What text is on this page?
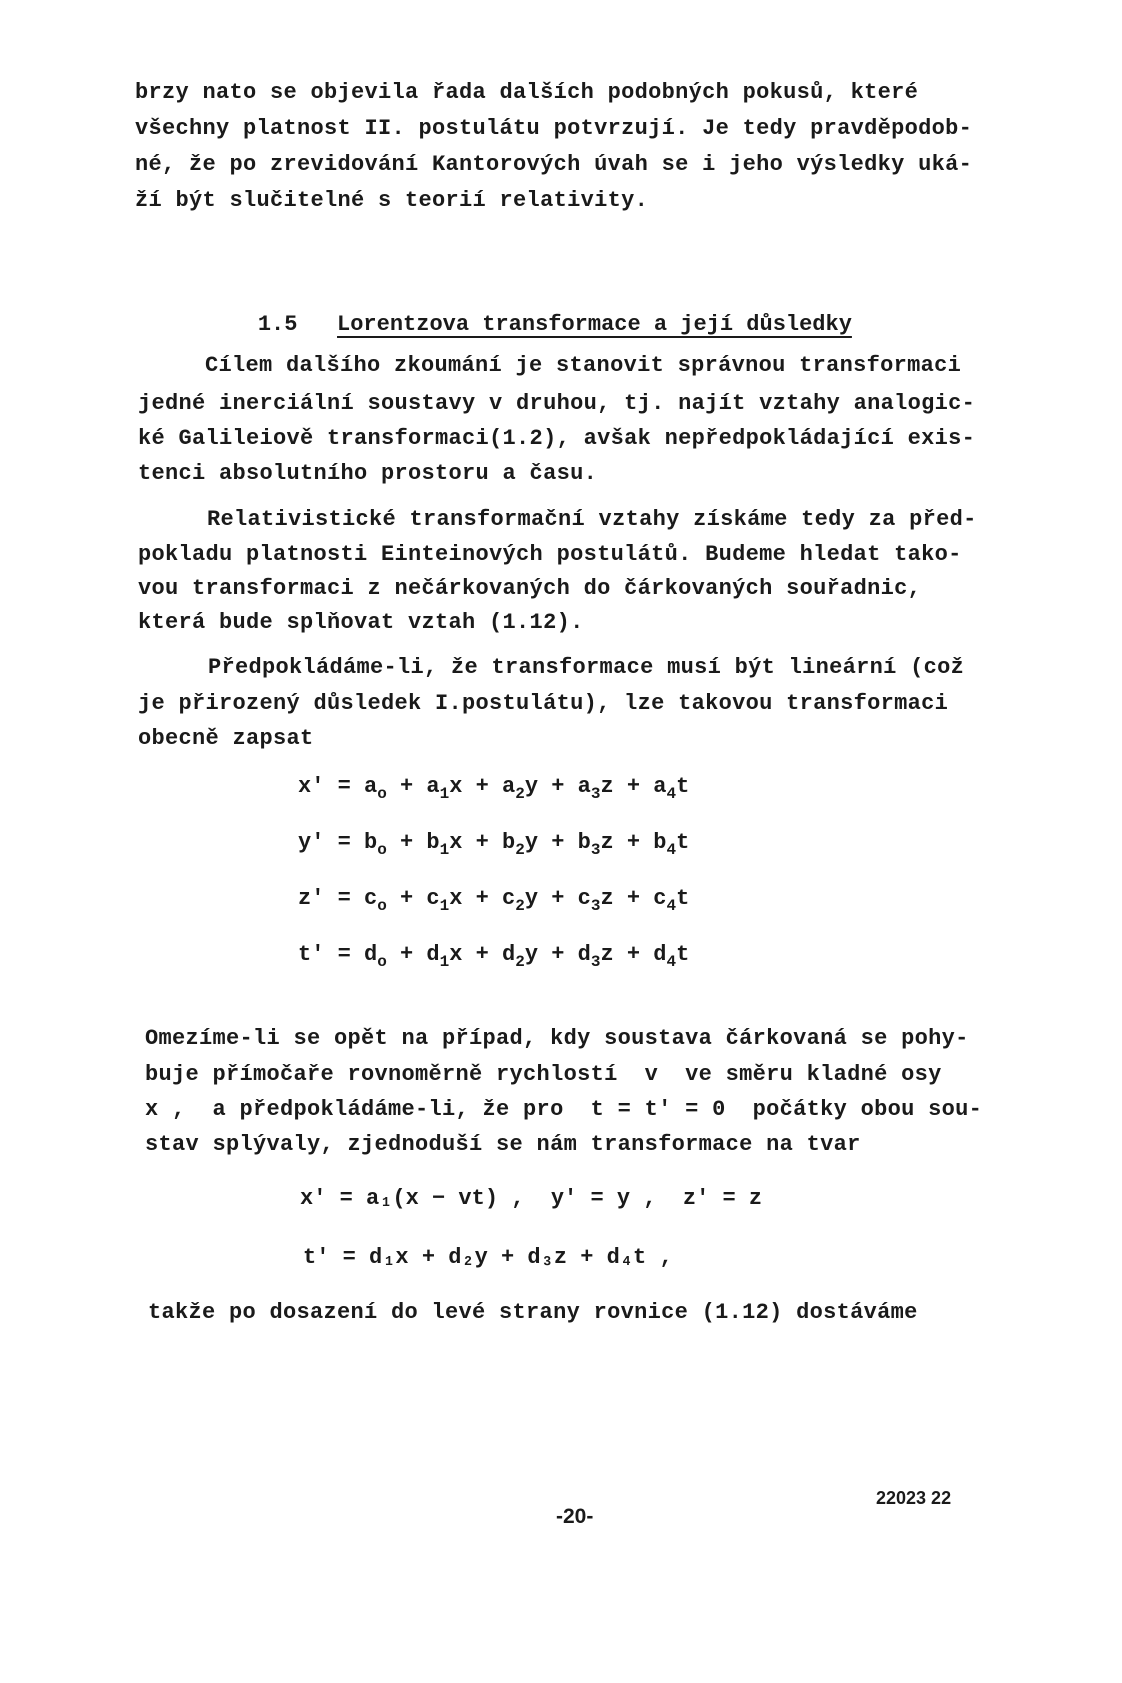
brzy nato se objevila řada dalších podobných pokusů, které
všechny platnost II. postulátu potvrzují. Je tedy pravděpodob-
né, že po zrevidování Kantorových úvah se i jeho výsledky uká-
ží být slučitelné s teorií relativity.

1.5 Lorentzova transformace a její důsledky

Cílem dalšího zkoumání je stanovit správnou transformaci
jedné inerciální soustavy v druhou, tj. najít vztahy analogic-
ké Galileiově transformaci(1.2), avšak nepředpokládající exis-
tenci absolutního prostoru a času.
Relativistické transformační vztahy získáme tedy za před-
pokladu platnosti Einteinových postulátů. Budeme hledat tako-
vou transformaci z nečárkovaných do čárkovaných souřadnic,
která bude splňovat vztah (1.12).
Předpokládáme-li, že transformace musí být lineární (což
je přirozený důsledek I.postulátu), lze takovou transformaci
obecně zapsat
$x' = a_o + a_1x + a_2y + a_3z + a_4t$
$y' = b_o + b_1x + b_2y + b_3z + b_4t$
$z' = c_o + c_1x + c_2y + c_3z + c_4t$
$t' = d_o + d_1x + d_2y + d_3z + d_4t$
Omezíme-li se opět na případ, kdy soustava čárkovaná se pohy-
buje přímočaře rovnoměrně rychlostí  v  ve směru kladné osy
x ,  a předpokládáme-li, že pro  t = t' = 0  počátky obou sou-
stav splývaly, zjednoduší se nám transformace na tvar
x' = a₁(x − vt) ,  y' = y ,  z' = z
t' = d₁x + d₂y + d₃z + d₄t ,
takže po dosazení do levé strany rovnice (1.12) dostáváme
-20-
22023 22
